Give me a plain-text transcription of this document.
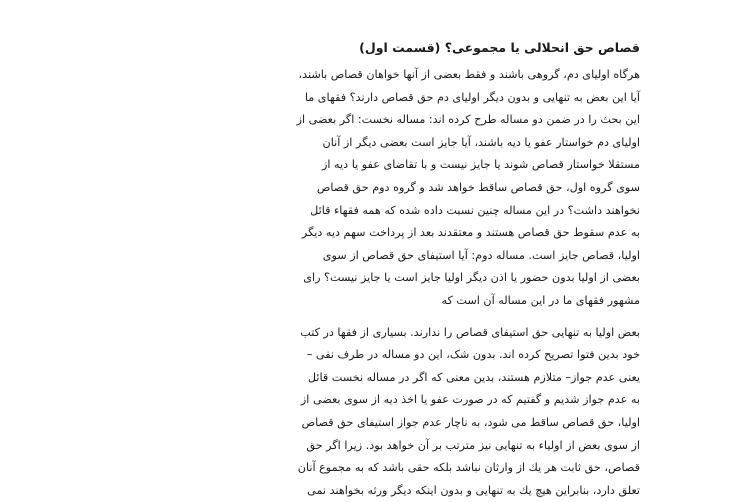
قصاص حق انحلالی یا مجموعی؟ (قسمت اول)
هرگاه اولیای دم، گروهی باشند و فقط بعضی از آنها خواهان قصاص باشند،
آیا این بعض به تنهایی و بدون دیگر اولیای دم حق قصاص دارند؟ فقهای ما
این بحث را در ضمن دو مساله طرح کرده اند: مساله نخست: اگر بعضی از
اولیای دم خواستار عفو یا دیه باشند، آیا جایز است بعضی دیگر از آنان
مستقلا خواستار قصاص شوند یا جایز نیست و با تقاضای عفو یا دیه از
سوی گروه اول، حق قصاص ساقط خواهد شد و گروه دوم حق قصاص
نخواهند داشت؟ در این مساله چنین نسبت داده شده که همه فقهاء قائل
به عدم سقوط حق قصاص هستند و معتقدند بعد از پرداخت سهم دیه دیگر
اولیا، قصاص جایز است. مساله دوم: آیا استیفای حق قصاص از سوی
بعضی از اولیا بدون حضور یا اذن دیگر اولیا جایز است یا جایز نیست؟ رای
مشهور فقهای ما در این مساله آن است که
بعض اولیا به تنهایی حق استیفای قصاص را ندارند. بسیاری از فقها در کتب
خود بدین فتوا تصریح کرده اند. بدون شک، این دو مساله در طرف نفی –
یعنی عدم جواز– متلازم هستند، بدین معنی که اگر در مساله نخست قائل
به عدم جواز شدیم و گفتیم که در صورت عفو یا اخذ دیه از سوی بعضی از
اولیا، حق قصاص ساقط می شود، به ناچار عدم جواز استیفای حق قصاص
از سوی بعض از اولیاء به تنهایی نیز مترتب بر آن خواهد بود. زیرا اگر حق
قصاص، حق ثابت هر یك از وارثان نباشد بلکه حقی باشد که به مجموع آنان
تعلق دارد، بنابراین هیچ یك به تنهایی و بدون اینکه دیگر ورثه بخواهند نمی
